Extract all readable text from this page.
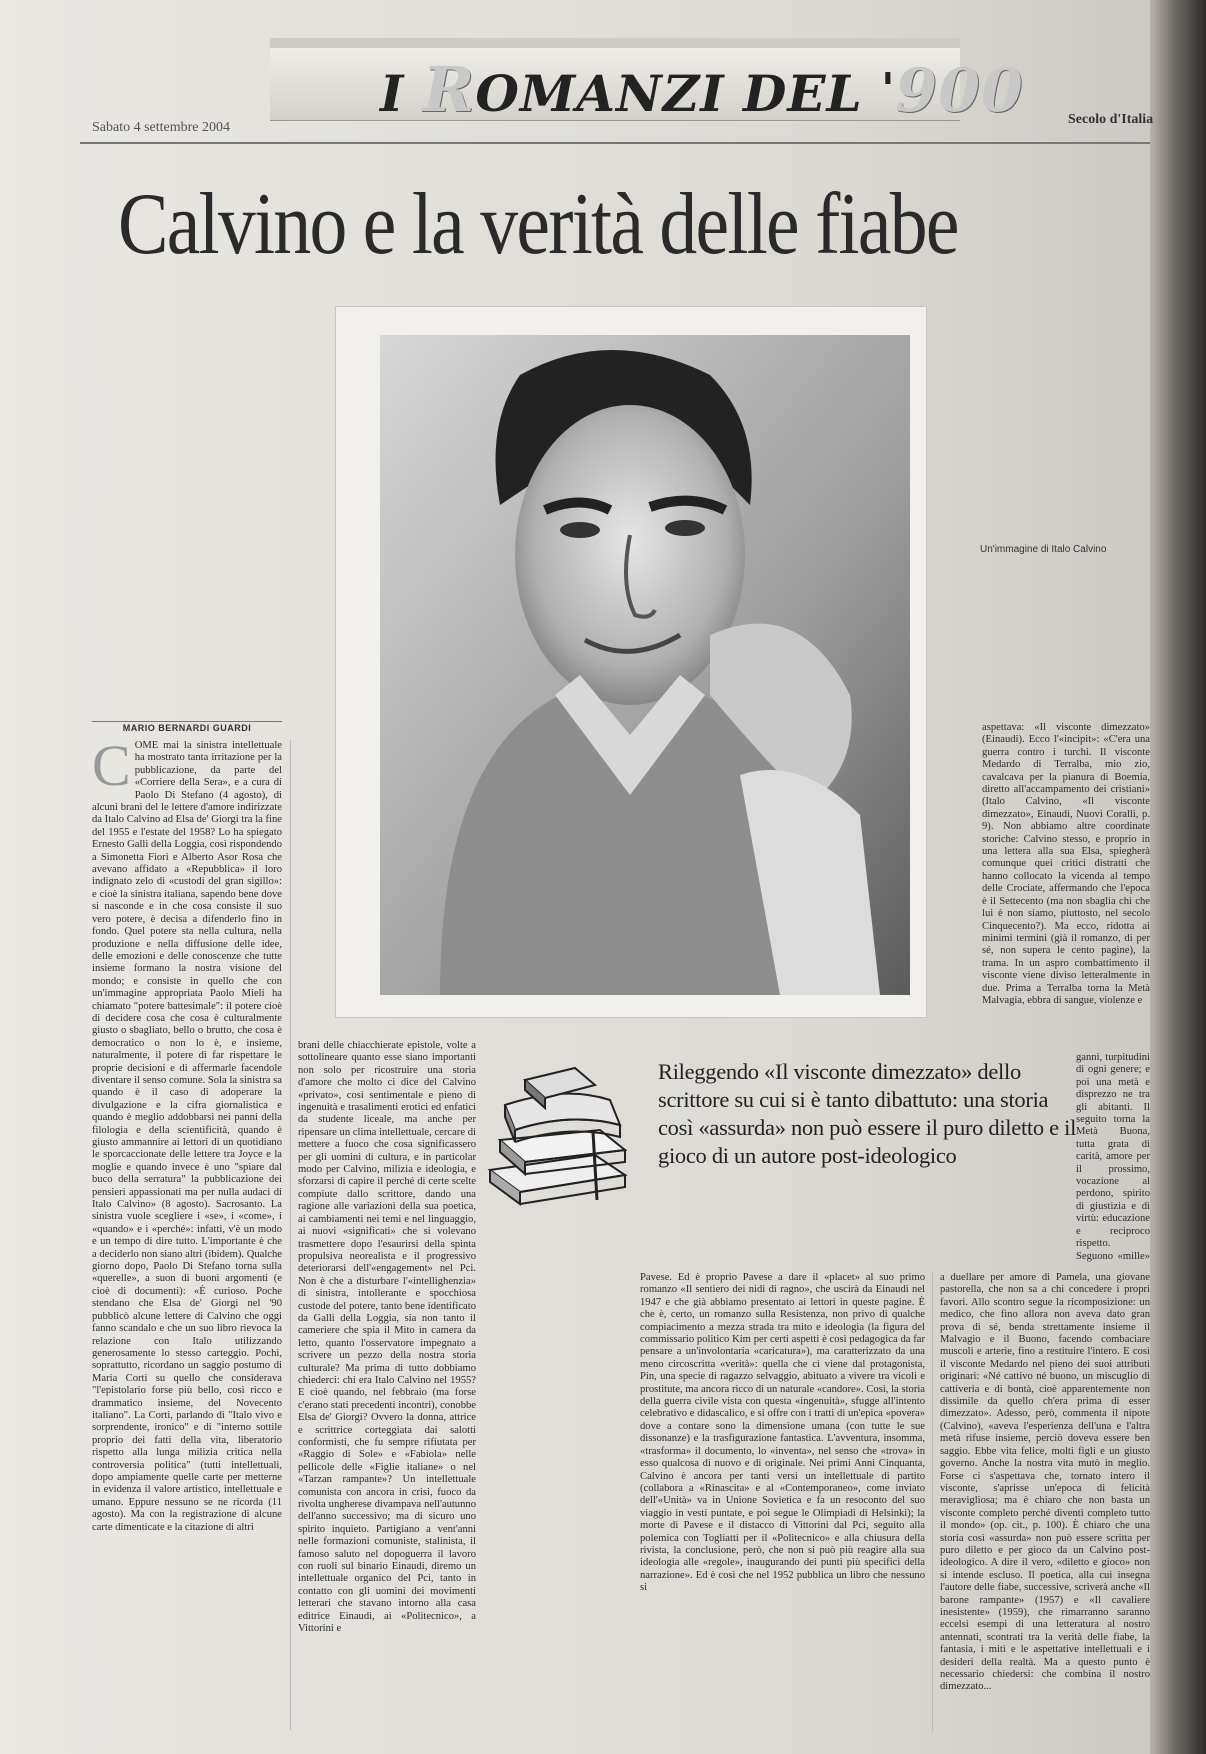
I ROMANZI DEL '900
Sabato 4 settembre 2004
Secolo d'Italia
Calvino e la verità delle fiabe
Un'immagine di Italo Calvino
MARIO BERNARDI GUARDI
COME mai la sinistra intellettuale ha mostrato tanta irritazione per la pubblicazione, da parte del «Corriere della Sera», e a cura di Paolo Di Stefano (4 agosto), di alcuni brani del le lettere d'amore indirizzate da Italo Calvino ad Elsa de' Giorgi tra la fine del 1955 e l'estate del 1958? Lo ha spiegato Ernesto Galli della Loggia, così rispondendo a Simonetta Fiori e Alberto Asor Rosa che avevano affidato a «Repubblica» il loro indignato zelo di «custodi del gran sigillo»: e cioè la sinistra italiana, sapendo bene dove si nasconde e in che cosa consiste il suo vero potere, è decisa a difenderlo fino in fondo. Quel potere sta nella cultura, nella produzione e nella diffusione delle idee, delle emozioni e delle conoscenze che tutte insieme formano la nostra visione del mondo; e consiste in quello che con un'immagine appropriata Paolo Mieli ha chiamato "potere battesimale": il potere cioè di decidere cosa che cosa è culturalmente giusto o sbagliato, bello o brutto, che cosa è democratico o non lo è, e insieme, naturalmente, il potere di far rispettare le proprie decisioni e di affermarle facendole diventare il senso comune. Sola la sinistra sa quando è il caso di adoperare la divulgazione e la cifra giornalistica e quando è meglio addobbarsi nei panni della filologia e della scientificità, quando è giusto ammannire ai lettori di un quotidiano le sporcaccionate delle lettere tra Joyce e la moglie e quando invece è uno "spiare dal buco della serratura" la pubblicazione dei pensieri appassionati ma per nulla audaci di Italo Calvino» (8 agosto). Sacrosanto. La sinistra vuole scegliere i «se», i «come», i «quando» e i «perché»: infatti, v'è un modo e un tempo di dire tutto. L'importante è che a deciderlo non siano altri (ibidem). Qualche giorno dopo, Paolo Di Stefano torna sulla «querelle», a suon di buoni argomenti (e cioè di documenti): «È curioso. Poche stendano che Elsa de' Giorgi nel '90 pubblicò alcune lettere di Calvino che oggi fanno scandalo e che un suo libro rievoca la relazione con Italo utilizzando generosamente lo stesso carteggio. Pochi, soprattutto, ricordano un saggio postumo di Maria Corti su quello che considerava "l'epistolario forse più bello, così ricco e drammatico insieme, del Novecento italiano". La Corti, parlando di "Italo vivo e sorprendente, ironico" e di "interno sottile proprio dei fatti della vita, liberatorio rispetto alla lunga milizia critica nella controversia politica" (tutti intellettuali, dopo ampiamente quelle carte per metterne in evidenza il valore artistico, intellettuale e umano. Eppure nessuno se ne ricorda (11 agosto). Ma con la registrazione di alcune carte dimenticate e la citazione di altri
brani delle chiacchierate epistole, volte a sottolineare quanto esse siano importanti non solo per ricostruire una storia d'amore che molto ci dice del Calvino «privato», così sentimentale e pieno di ingenuità e trasalimenti erotici ed enfatici da studente liceale, ma anche per ripensare un clima intellettuale, cercare di mettere a fuoco che cosa significassero per gli uomini di cultura, e in particolar modo per Calvino, milizia e ideologia, e sforzarsi di capire il perché di certe scelte compiute dallo scrittore, dando una ragione alle variazioni della sua poetica, ai cambiamenti nei temi e nel linguaggio, ai nuovi «significati» che si volevano trasmettere dopo l'esaurirsi della spinta propulsiva neorealista e il progressivo deteriorarsi dell'«engagement» nel Pci. Non è che a disturbare l'«intellighenzia» di sinistra, intollerante e spocchiosa custode del potere, tanto bene identificato da Galli della Loggia, sia non tanto il cameriere che spia il Mito in camera da letto, quanto l'osservatore impegnato a scrivere un pezzo della nostra storia culturale? Ma prima di tutto dobbiamo chiederci: chi era Italo Calvino nel 1955? E cioè quando, nel febbraio (ma forse c'erano stati precedenti incontri), conobbe Elsa de' Giorgi? Ovvero la donna, attrice e scrittrice corteggiata dai salotti conformisti, che fu sempre rifiutata per «Raggio di Sole» e «Fabiola» nelle pellicole delle «Figlie italiane» o nel «Tarzan rampante»? Un intellettuale comunista con ancora in crisi, fuoco da rivolta ungherese divampava nell'autunno dell'anno successivo; ma di sicuro uno spirito inquieto. Partigiano a vent'anni nelle formazioni comuniste, stalinista, il famoso saluto nel dopoguerra il lavoro con ruoli sul binario Einaudi, diremo un intellettuale organico del Pci, tanto in contatto con gli uomini dei movimenti letterari che stavano intorno alla casa editrice Einaudi, ai «Politecnico», a Vittorini e
Rileggendo «Il visconte dimezzato» dello scrittore su cui si è tanto dibattuto: una storia così «assurda» non può essere il puro diletto e il gioco di un autore post-ideologico
Pavese. Ed è proprio Pavese a dare il «placet» al suo primo romanzo «Il sentiero dei nidi di ragno», che uscirà da Einaudi nel 1947 e che già abbiamo presentato ai lettori in queste pagine. È che è, certo, un romanzo sulla Resistenza, non privo di qualche compiacimento a mezza strada tra mito e ideologia (la figura del commissario politico Kim per certi aspetti è così pedagogica da far pensare a un'involontaria «caricatura»), ma caratterizzato da una meno circoscritta «verità»: quella che ci viene dal protagonista, Pin, una specie di ragazzo selvaggio, abituato a vivere tra vicoli e prostitute, ma ancora ricco di un naturale «candore». Così, la storia della guerra civile vista con questa «ingenuità», sfugge all'intento celebrativo e didascalico, e si offre con i tratti di un'epica «povera» dove a contare sono la dimensione umana (con tutte le sue dissonanze) e la trasfigurazione fantastica. L'avventura, insomma, «trasforma» il documento, lo «inventa», nel senso che «trova» in esso qualcosa di nuovo e di originale. Nei primi Anni Cinquanta, Calvino è ancora per tanti versi un intellettuale di partito (collabora a «Rinascita» e al «Contemporaneo», come inviato dell'«Unità» va in Unione Sovietica e fa un resoconto del suo viaggio in vesti puntate, e poi segue le Olimpiadi di Helsinki); la morte di Pavese e il distacco di Vittorini dal Pci, seguito alla polemica con Togliatti per il «Politecnico» e alla chiusura della rivista, la conclusione, però, che non si può più reagire alla sua ideologia alle «regole», inaugurando dei punti più specifici della narrazione». Ed è così che nel 1952 pubblica un libro che nessuno si
aspettava: «Il visconte dimezzato» (Einaudi). Ecco l'«incipit»: «C'era una guerra contro i turchi. Il visconte Medardo di Terralba, mio zio, cavalcava per la pianura di Boemia, diretto all'accampamento dei cristiani» (Italo Calvino, «Il visconte dimezzato», Einaudi, Nuovi Coralli, p. 9). Non abbiamo altre coordinate storiche: Calvino stesso, e proprio in una lettera alla sua Elsa, spiegherà comunque quei critici distratti che hanno collocato la vicenda al tempo delle Crociate, affermando che l'epoca è il Settecento (ma non sbaglia chi che lui è non siamo, piuttosto, nel secolo Cinquecento?). Ma ecco, ridotta ai minimi termini (già il romanzo, di per sé, non supera le cento pagine), la trama. In un aspro combattimento il visconte viene diviso letteralmente in due. Prima a Terralba torna la Metà Malvagia, ebbra di sangue, violenze e
ganni, turpitudini di ogni genere; e poi una metà e disprezzo ne tra gli abitanti. Il seguito torna la Metà Buona, tutta grata di carità, amore per il prossimo, vocazione al perdono, spirito di giustizia e di virtù: educazione e reciproco rispetto. Seguono «mille»
a duellare per amore di Pamela, una giovane pastorella, che non sa a chi concedere i propri favori. Allo scontro segue la ricomposizione: un medico, che fino allora non aveva dato gran prova di sé, benda strettamente insieme il Malvagio e il Buono, facendo combaciare muscoli e arterie, fino a restituire l'intero. E così il visconte Medardo nel pieno dei suoi attributi originari: «Né cattivo né buono, un miscuglio di cattiveria e di bontà, cioè apparentemente non dissimile da quello ch'era prima di esser dimezzato». Adesso, però, commenta il nipote (Calvino), «aveva l'esperienza dell'una e l'altra metà rifuse insieme, perciò doveva essere ben saggio. Ebbe vita felice, molti figli e un giusto governo. Anche la nostra vita mutò in meglio. Forse ci s'aspettava che, tornato intero il visconte, s'aprisse un'epoca di felicità meravigliosa; ma è chiaro che non basta un visconte completo perché diventi completo tutto il mondo» (op. cit., p. 100). È chiaro che una storia così «assurda» non può essere scritta per puro diletto e per gioco da un Calvino post-ideologico. A dire il vero, «diletto e gioco» non si intende escluso. Il poetica, alla cui insegna l'autore delle fiabe, successive, scriverà anche «Il barone rampante» (1957) e «Il cavaliere inesistente» (1959), che rimarranno saranno eccelsi esempi di una letteratura al nostro antennati, scontrati tra la verità delle fiabe, la fantasia, i miti e le aspettative intellettuali e i desideri della realtà. Ma a questo punto è necessario chiedersi: che combina il nostro dimezzato...
